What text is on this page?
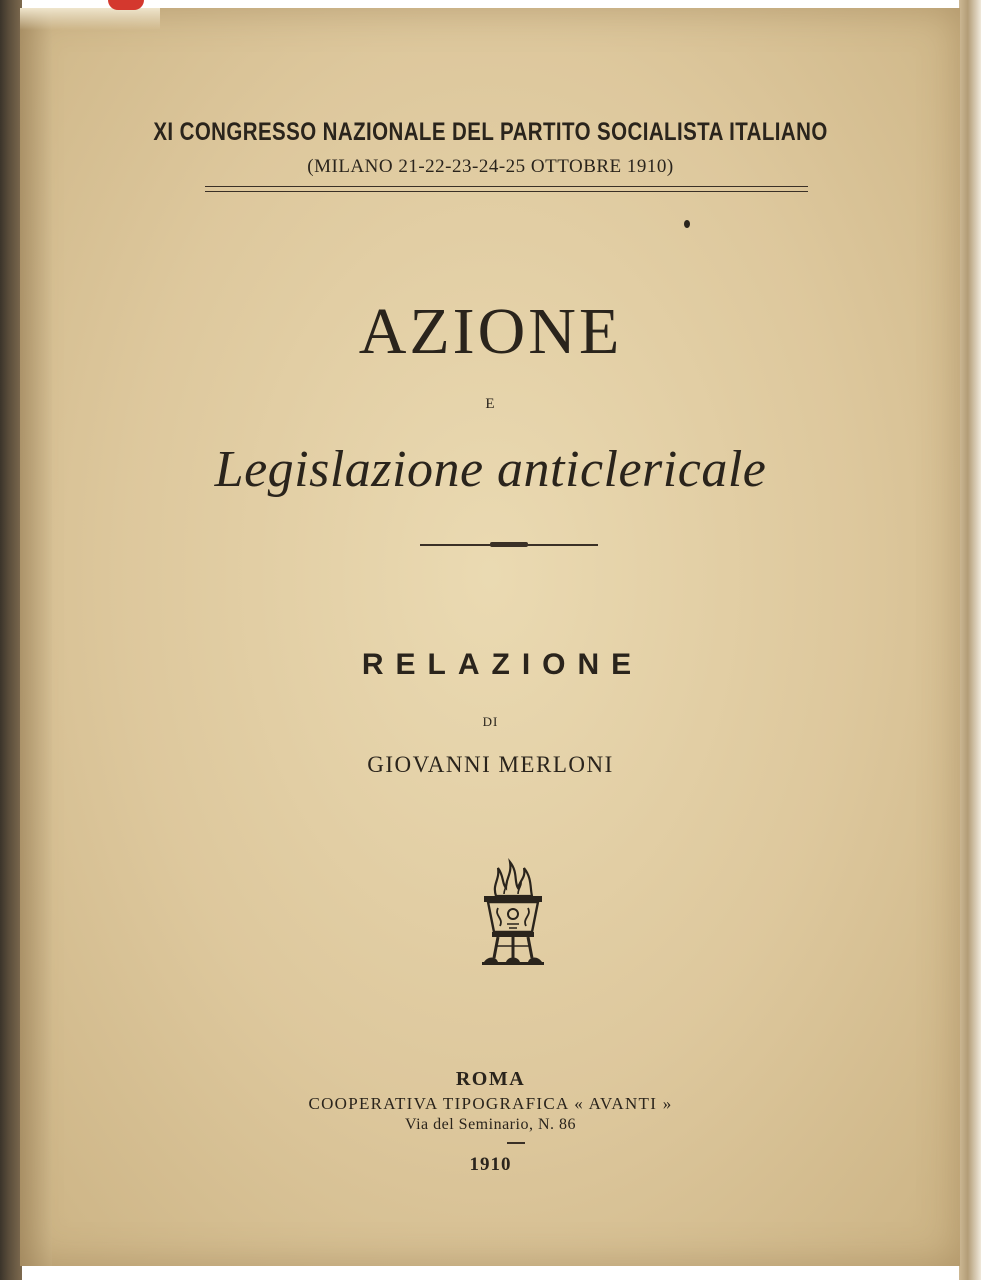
XI CONGRESSO NAZIONALE DEL PARTITO SOCIALISTA ITALIANO

(MILANO 21-22-23-24-25 OTTOBRE 1910)

AZIONE

E

Legislazione anticlericale

RELAZIONE

DI

GIOVANNI MERLONI

ROMA

COOPERATIVA TIPOGRAFICA « AVANTI »

Via del Seminario, N. 86

1910
